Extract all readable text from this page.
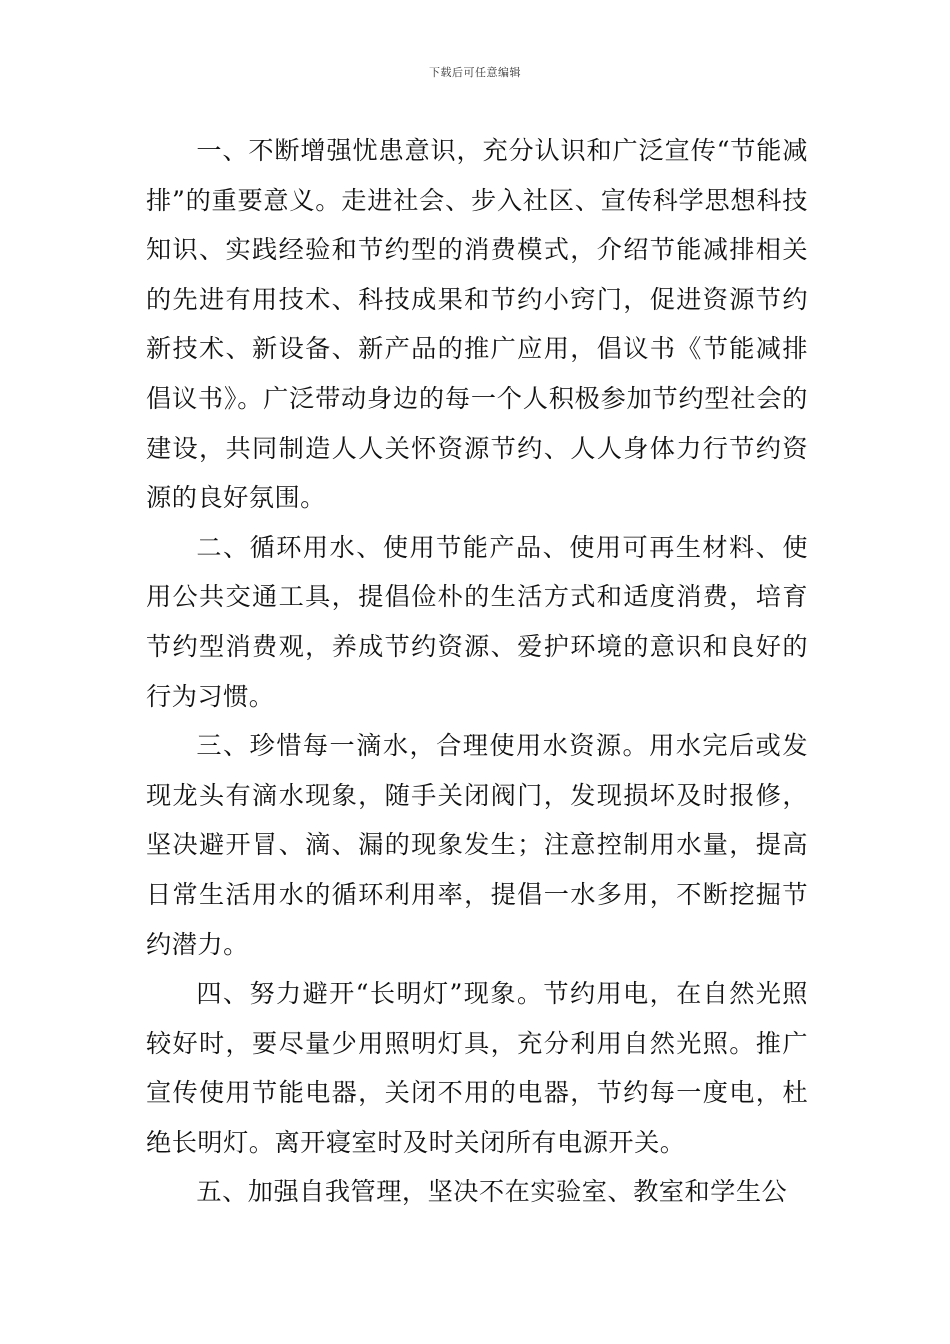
下载后可任意编辑

一、不断增强忧患意识，充分认识和广泛宣传“节能减排”的重要意义。走进社会、步入社区、宣传科学思想科技知识、实践经验和节约型的消费模式，介绍节能减排相关的先进有用技术、科技成果和节约小窍门，促进资源节约新技术、新设备、新产品的推广应用，倡议书《节能减排倡议书》。广泛带动身边的每一个人积极参加节约型社会的建设，共同制造人人关怀资源节约、人人身体力行节约资源的良好氛围。

二、循环用水、使用节能产品、使用可再生材料、使用公共交通工具，提倡俭朴的生活方式和适度消费，培育节约型消费观，养成节约资源、爱护环境的意识和良好的行为习惯。

三、珍惜每一滴水，合理使用水资源。用水完后或发现龙头有滴水现象，随手关闭阀门，发现损坏及时报修，坚决避开冒、滴、漏的现象发生；注意控制用水量，提高日常生活用水的循环利用率，提倡一水多用，不断挖掘节约潜力。

四、努力避开“长明灯”现象。节约用电，在自然光照较好时，要尽量少用照明灯具，充分利用自然光照。推广宣传使用节能电器，关闭不用的电器，节约每一度电，杜绝长明灯。离开寝室时及时关闭所有电源开关。

五、加强自我管理，坚决不在实验室、教室和学生公
